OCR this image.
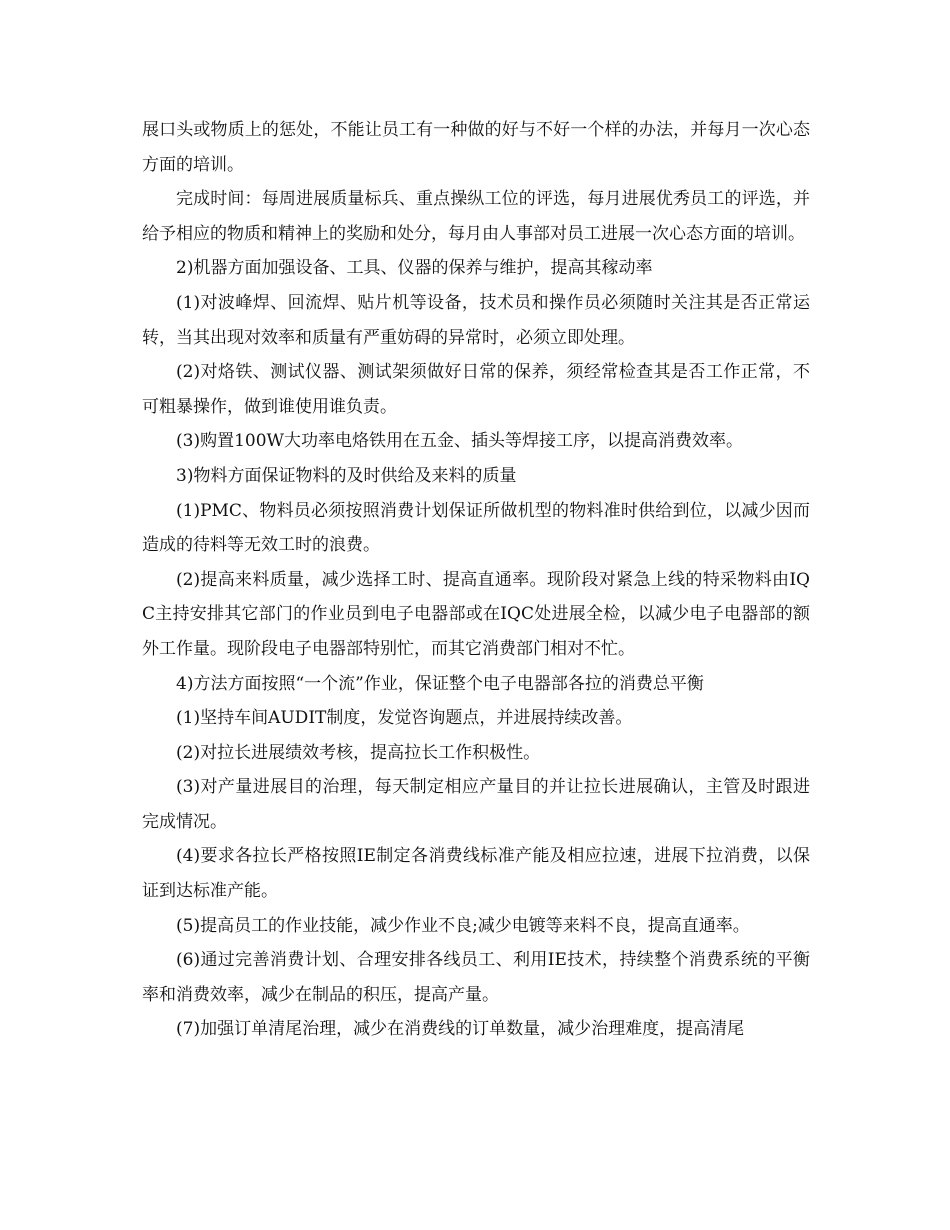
展口头或物质上的惩处，不能让员工有一种做的好与不好一个样的办法，并每月一次心态方面的培训。

完成时间：每周进展质量标兵、重点操纵工位的评选，每月进展优秀员工的评选，并给予相应的物质和精神上的奖励和处分，每月由人事部对员工进展一次心态方面的培训。

2)机器方面加强设备、工具、仪器的保养与维护，提高其稼动率

(1)对波峰焊、回流焊、贴片机等设备，技术员和操作员必须随时关注其是否正常运转，当其出现对效率和质量有严重妨碍的异常时，必须立即处理。

(2)对烙铁、测试仪器、测试架须做好日常的保养，须经常检查其是否工作正常，不可粗暴操作，做到谁使用谁负责。

(3)购置100W大功率电烙铁用在五金、插头等焊接工序，以提高消费效率。

3)物料方面保证物料的及时供给及来料的质量

(1)PMC、物料员必须按照消费计划保证所做机型的物料准时供给到位，以减少因而造成的待料等无效工时的浪费。

(2)提高来料质量，减少选择工时、提高直通率。现阶段对紧急上线的特采物料由IQC主持安排其它部门的作业员到电子电器部或在IQC处进展全检，以减少电子电器部的额外工作量。现阶段电子电器部特别忙，而其它消费部门相对不忙。

4)方法方面按照“一个流”作业，保证整个电子电器部各拉的消费总平衡

(1)坚持车间AUDIT制度，发觉咨询题点，并进展持续改善。

(2)对拉长进展绩效考核，提高拉长工作积极性。

(3)对产量进展目的治理，每天制定相应产量目的并让拉长进展确认，主管及时跟进完成情况。

(4)要求各拉长严格按照IE制定各消费线标准产能及相应拉速，进展下拉消费，以保证到达标准产能。

(5)提高员工的作业技能，减少作业不良;减少电镀等来料不良，提高直通率。

(6)通过完善消费计划、合理安排各线员工、利用IE技术，持续整个消费系统的平衡率和消费效率，减少在制品的积压，提高产量。

(7)加强订单清尾治理，减少在消费线的订单数量，减少治理难度，提高清尾
